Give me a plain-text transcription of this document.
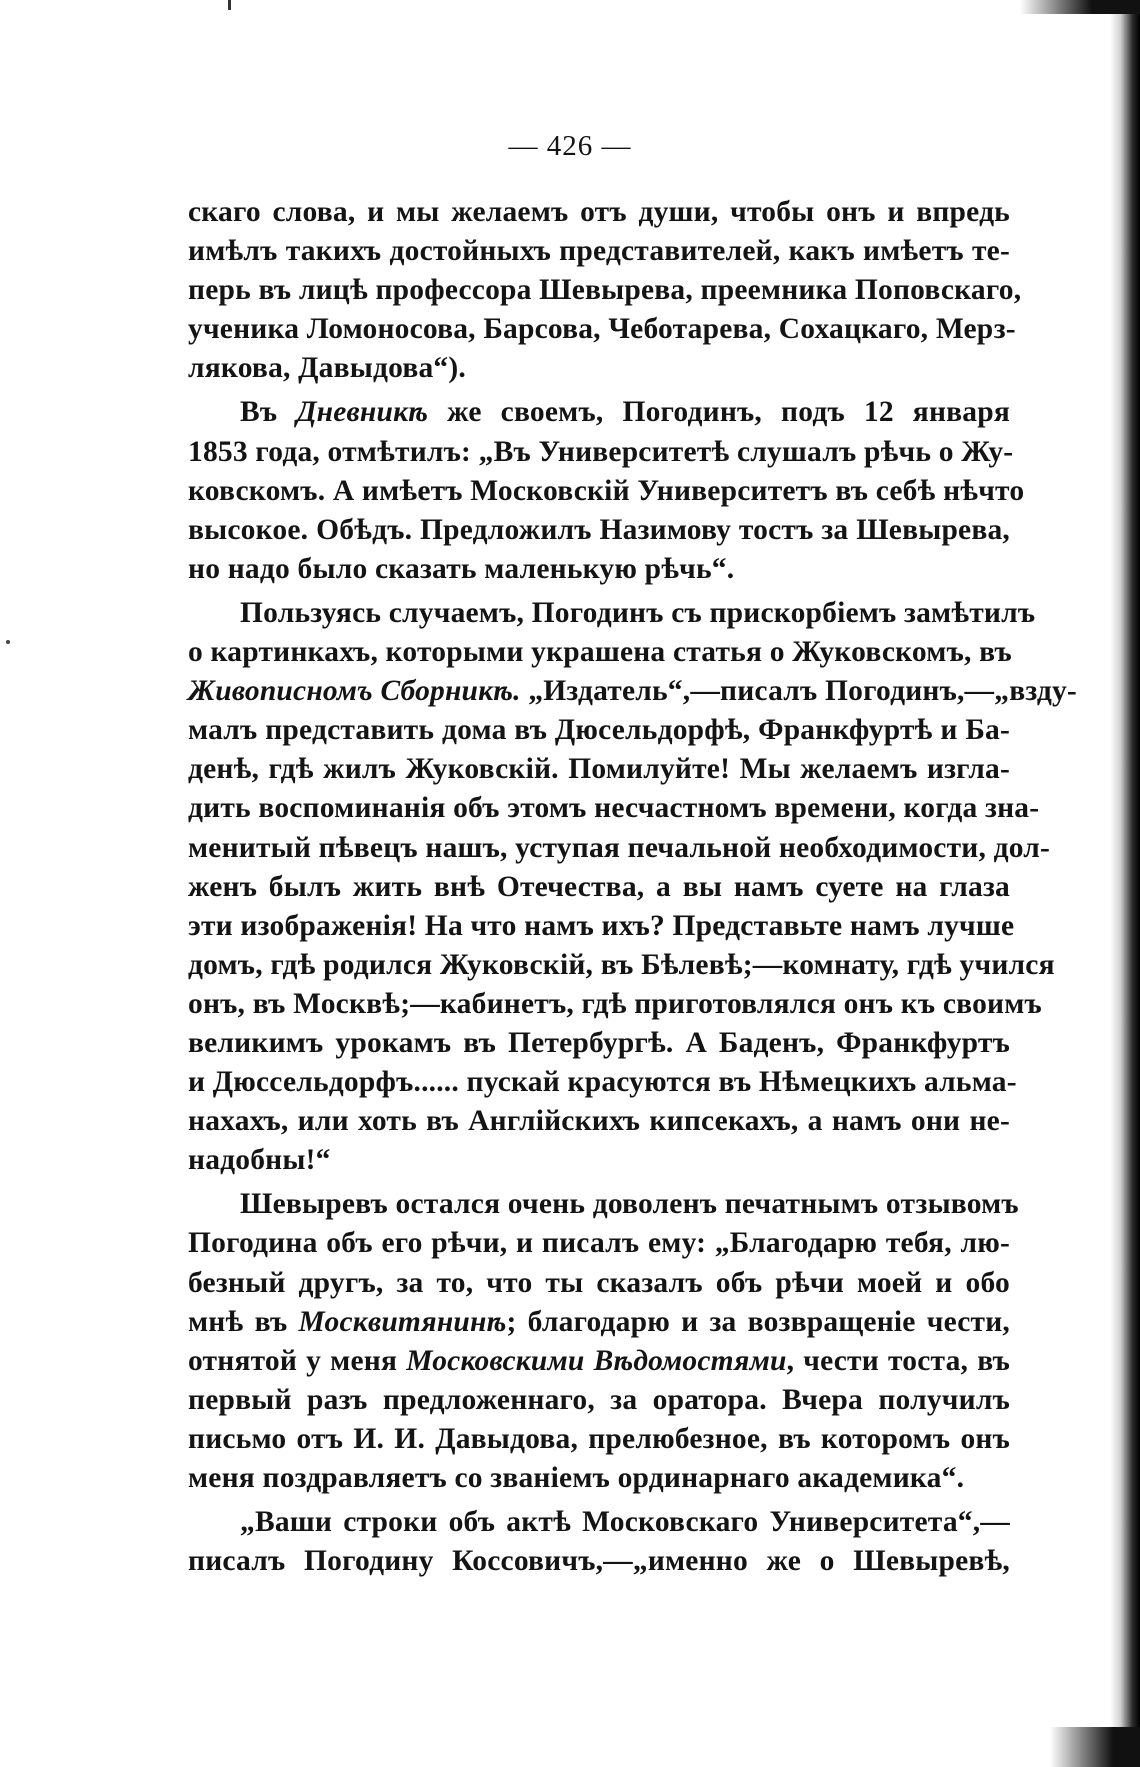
— 426 —
скаго слова, и мы желаемъ отъ души, чтобы онъ и впредь
имѣлъ такихъ достойныхъ представителей, какъ имѣетъ те-
перь въ лицѣ профессора Шевырева, преемника Поповскаго,
ученика Ломоносова, Барсова, Чеботарева, Сохацкаго, Мерз-
лякова, Давыдова“).
Въ Дневникѣ же своемъ, Погодинъ, подъ 12 января
1853 года, отмѣтилъ: „Въ Университетѣ слушалъ рѣчь о Жу-
ковскомъ. А имѣетъ Московскій Университетъ въ себѣ нѣчто
высокое. Обѣдъ. Предложилъ Назимову тостъ за Шевырева,
но надо было сказать маленькую рѣчь“.
Пользуясь случаемъ, Погодинъ съ прискорбіемъ замѣтилъ
о картинкахъ, которыми украшена статья о Жуковскомъ, въ
Живописномъ Сборникѣ. „Издатель“,—писалъ Погодинъ,—„взду-
малъ представить дома въ Дюсельдорфѣ, Франкфуртѣ и Ба-
денѣ, гдѣ жилъ Жуковскій. Помилуйте! Мы желаемъ изгла-
дить воспоминанія объ этомъ несчастномъ времени, когда зна-
менитый пѣвецъ нашъ, уступая печальной необходимости, дол-
женъ былъ жить внѣ Отечества, а вы намъ суете на глаза
эти изображенія! На что намъ ихъ? Представьте намъ лучше
домъ, гдѣ родился Жуковскій, въ Бѣлевѣ;—комнату, гдѣ учился
онъ, въ Москвѣ;—кабинетъ, гдѣ приготовлялся онъ къ своимъ
великимъ урокамъ въ Петербургѣ. А Баденъ, Франкфуртъ
и Дюссельдорфъ...... пускай красуются въ Нѣмецкихъ альма-
нахахъ, или хоть въ Англійскихъ кипсекахъ, а намъ они не-
надобны!“
Шевыревъ остался очень доволенъ печатнымъ отзывомъ
Погодина объ его рѣчи, и писалъ ему: „Благодарю тебя, лю-
безный другъ, за то, что ты сказалъ объ рѣчи моей и обо
мнѣ въ Москвитянинѣ; благодарю и за возвращеніе чести,
отнятой у меня Московскими Вѣдомостями, чести тоста, въ
первый разъ предложеннаго, за оратора. Вчера получилъ
письмо отъ И. И. Давыдова, прелюбезное, въ которомъ онъ
меня поздравляетъ со званіемъ ординарнаго академика“.
„Ваши строки объ актѣ Московскаго Университета“,—
писалъ Погодину Коссовичъ,—„именно же о Шевыревѣ,
